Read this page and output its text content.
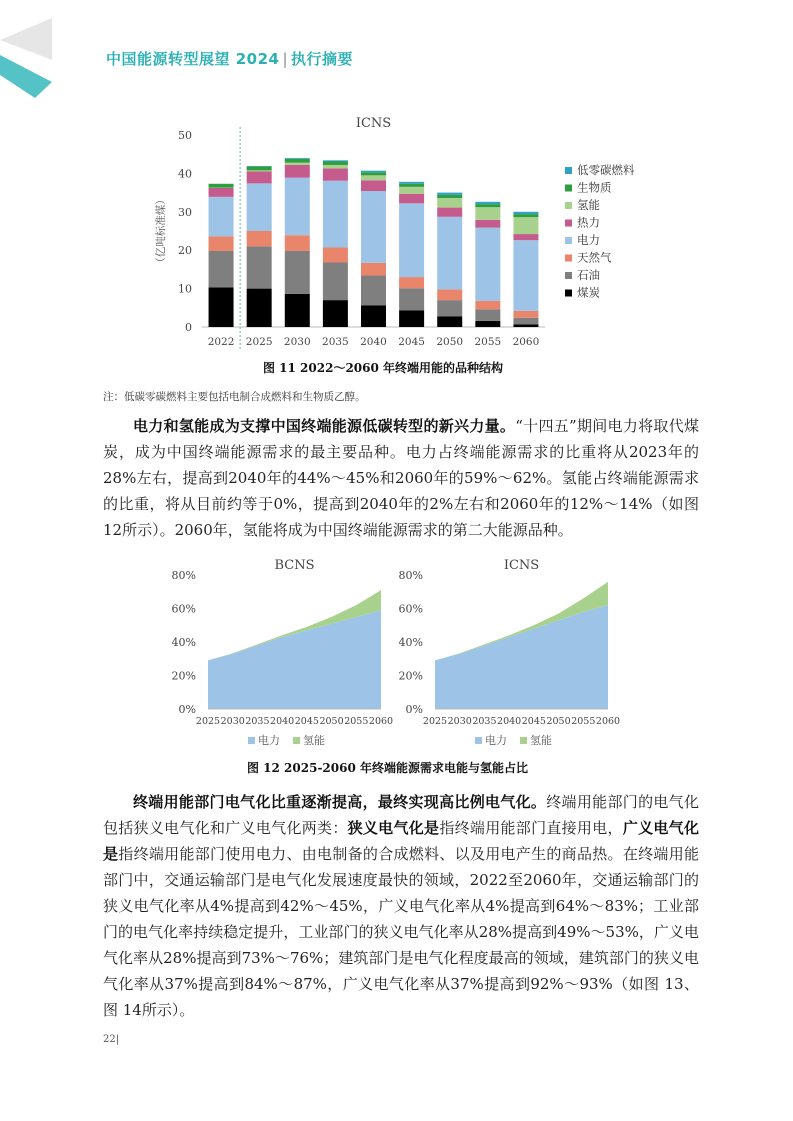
中国能源转型展望 2024 | 执行摘要
ICNS
0
10
20
30
40
50
（亿吨标准煤）
2022 2025 2030 2035 2040 2045 2050 2055 2060
低零碳燃料
生物质
氢能
热力
电力
天然气
石油
煤炭
图 11 2022～2060 年终端用能的品种结构
注：低碳零碳燃料主要包括电制合成燃料和生物质乙醇。

电力和氢能成为支撑中国终端能源低碳转型的新兴力量。“十四五”期间电力将取代煤炭，成为中国终端能源需求的最主要品种。电力占终端能源需求的比重将从2023年的28%左右，提高到2040年的44%～45%和2060年的59%～62%。氢能占终端能源需求的比重，将从目前约等于0%，提高到2040年的2%左右和2060年的12%～14%（如图 12所示）。2060年，氢能将成为中国终端能源需求的第二大能源品种。

BCNS
0%
20%
40%
60%
80%
2025 2030 2035 2040 2045 2050 2055 2060
电力 氢能
ICNS
0%
20%
40%
60%
80%
2025 2030 2035 2040 2045 2050 2055 2060
电力 氢能
图 12 2025-2060 年终端能源需求电能与氢能占比

终端用能部门电气化比重逐渐提高，最终实现高比例电气化。终端用能部门的电气化包括狭义电气化和广义电气化两类：狭义电气化是指终端用能部门直接用电，广义电气化是指终端用能部门使用电力、由电制备的合成燃料、以及用电产生的商品热。在终端用能部门中，交通运输部门是电气化发展速度最快的领域，2022至2060年，交通运输部门的狭义电气化率从4%提高到42%～45%，广义电气化率从4%提高到64%～83%；工业部门的电气化率持续稳定提升，工业部门的狭义电气化率从28%提高到49%～53%，广义电气化率从28%提高到73%～76%；建筑部门是电气化程度最高的领域，建筑部门的狭义电气化率从37%提高到84%～87%，广义电气化率从37%提高到92%～93%（如图 13、图 14所示）。

22|
